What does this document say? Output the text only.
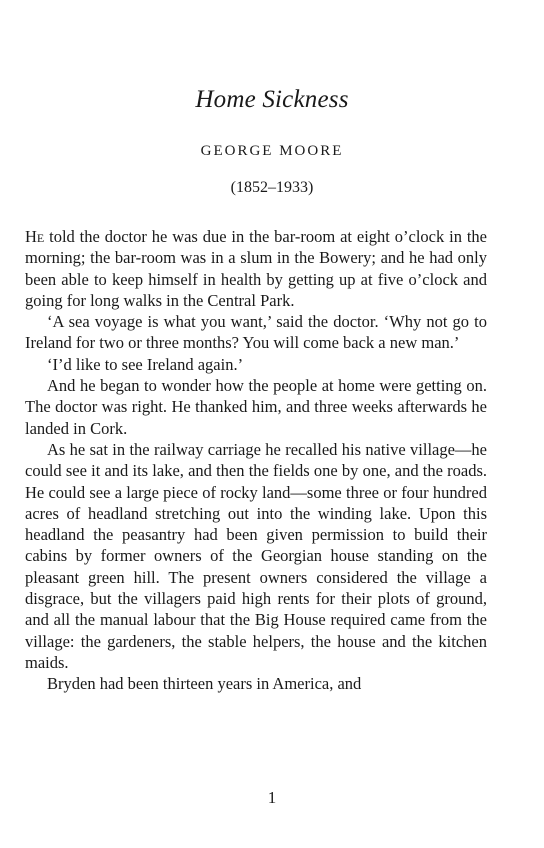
Home Sickness
GEORGE MOORE
(1852–1933)

He told the doctor he was due in the bar-room at eight o’clock in the morning; the bar-room was in a slum in the Bowery; and he had only been able to keep himself in health by getting up at five o’clock and going for long walks in the Central Park.

‘A sea voyage is what you want,’ said the doctor. ‘Why not go to Ireland for two or three months? You will come back a new man.’

‘I’d like to see Ireland again.’

And he began to wonder how the people at home were getting on. The doctor was right. He thanked him, and three weeks afterwards he landed in Cork.

As he sat in the railway carriage he recalled his native village—he could see it and its lake, and then the fields one by one, and the roads. He could see a large piece of rocky land—some three or four hundred acres of headland stretching out into the winding lake. Upon this headland the peasantry had been given permission to build their cabins by former owners of the Georgian house standing on the pleasant green hill. The present owners considered the village a disgrace, but the villagers paid high rents for their plots of ground, and all the manual labour that the Big House required came from the village: the gardeners, the stable helpers, the house and the kitchen maids.

Bryden had been thirteen years in America, and

1
